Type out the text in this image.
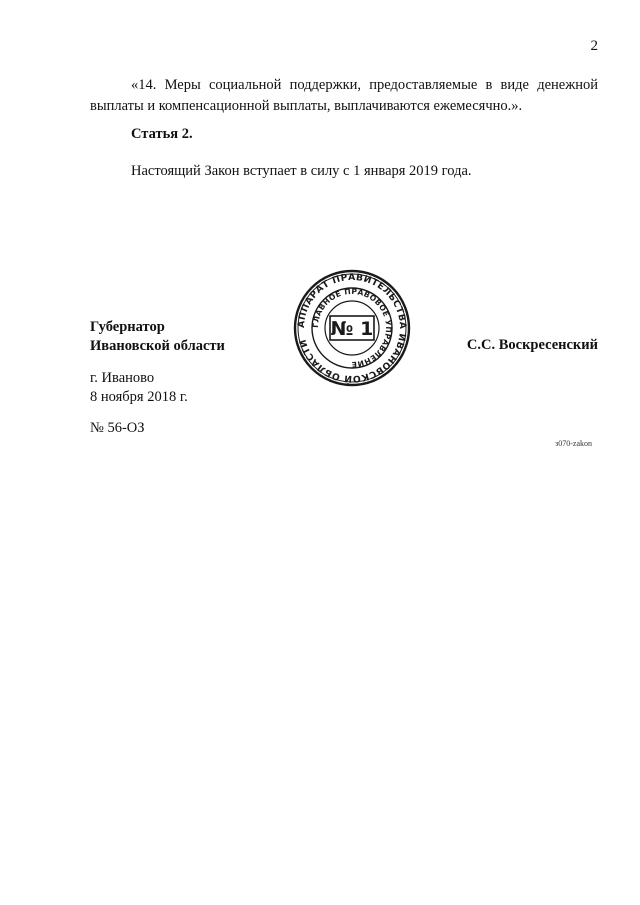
2
«14. Меры социальной поддержки, предоставляемые в виде денежной выплаты и компенсационной выплаты, выплачиваются ежемесячно.».
Статья 2.
Настоящий Закон вступает в силу с 1 января 2019 года.
Губернатор
Ивановской области
АППАРАТ ПРАВИТЕЛЬСТВА ИВАНОВСКОЙ ОБЛАСТИ
ГЛАВНОЕ ПРАВОВОЕ УПРАВЛЕНИЕ
№ 1
С.С. Воскресенский
г. Иваново
8 ноября 2018 г.
№ 56-ОЗ
з070-zakon
